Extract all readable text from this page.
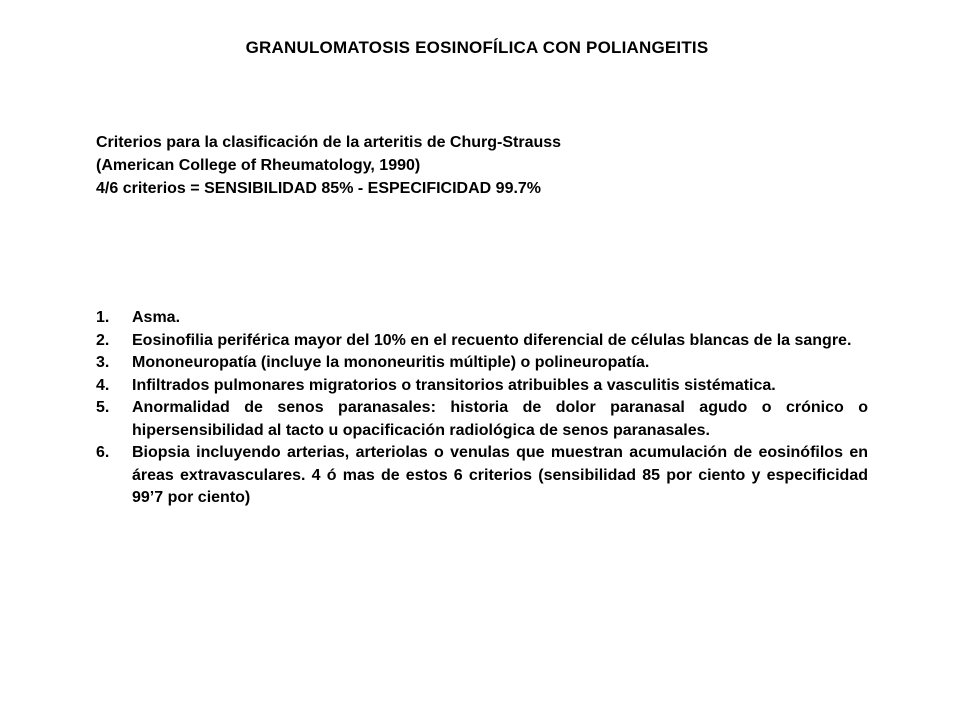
GRANULOMATOSIS EOSINOFÍLICA CON POLIANGEITIS
Criterios para la clasificación de la arteritis de Churg-Strauss
(American College of Rheumatology, 1990)
4/6 criterios = SENSIBILIDAD 85% - ESPECIFICIDAD 99.7%
1.	Asma.
2.	Eosinofilia periférica mayor del 10% en el recuento diferencial de células blancas de la sangre.
3.	Mononeuropatía (incluye la mononeuritis múltiple) o polineuropatía.
4.	Infiltrados pulmonares migratorios o transitorios atribuibles a vasculitis sistématica.
5.	Anormalidad de senos paranasales: historia de dolor paranasal agudo o crónico o hipersensibilidad al tacto u opacificación radiológica de senos paranasales.
6.	Biopsia incluyendo arterias, arteriolas o venulas que muestran acumulación de eosinófilos en áreas extravasculares. 4 ó mas de estos 6 criterios (sensibilidad 85 por ciento y especificidad 99’7 por ciento)
